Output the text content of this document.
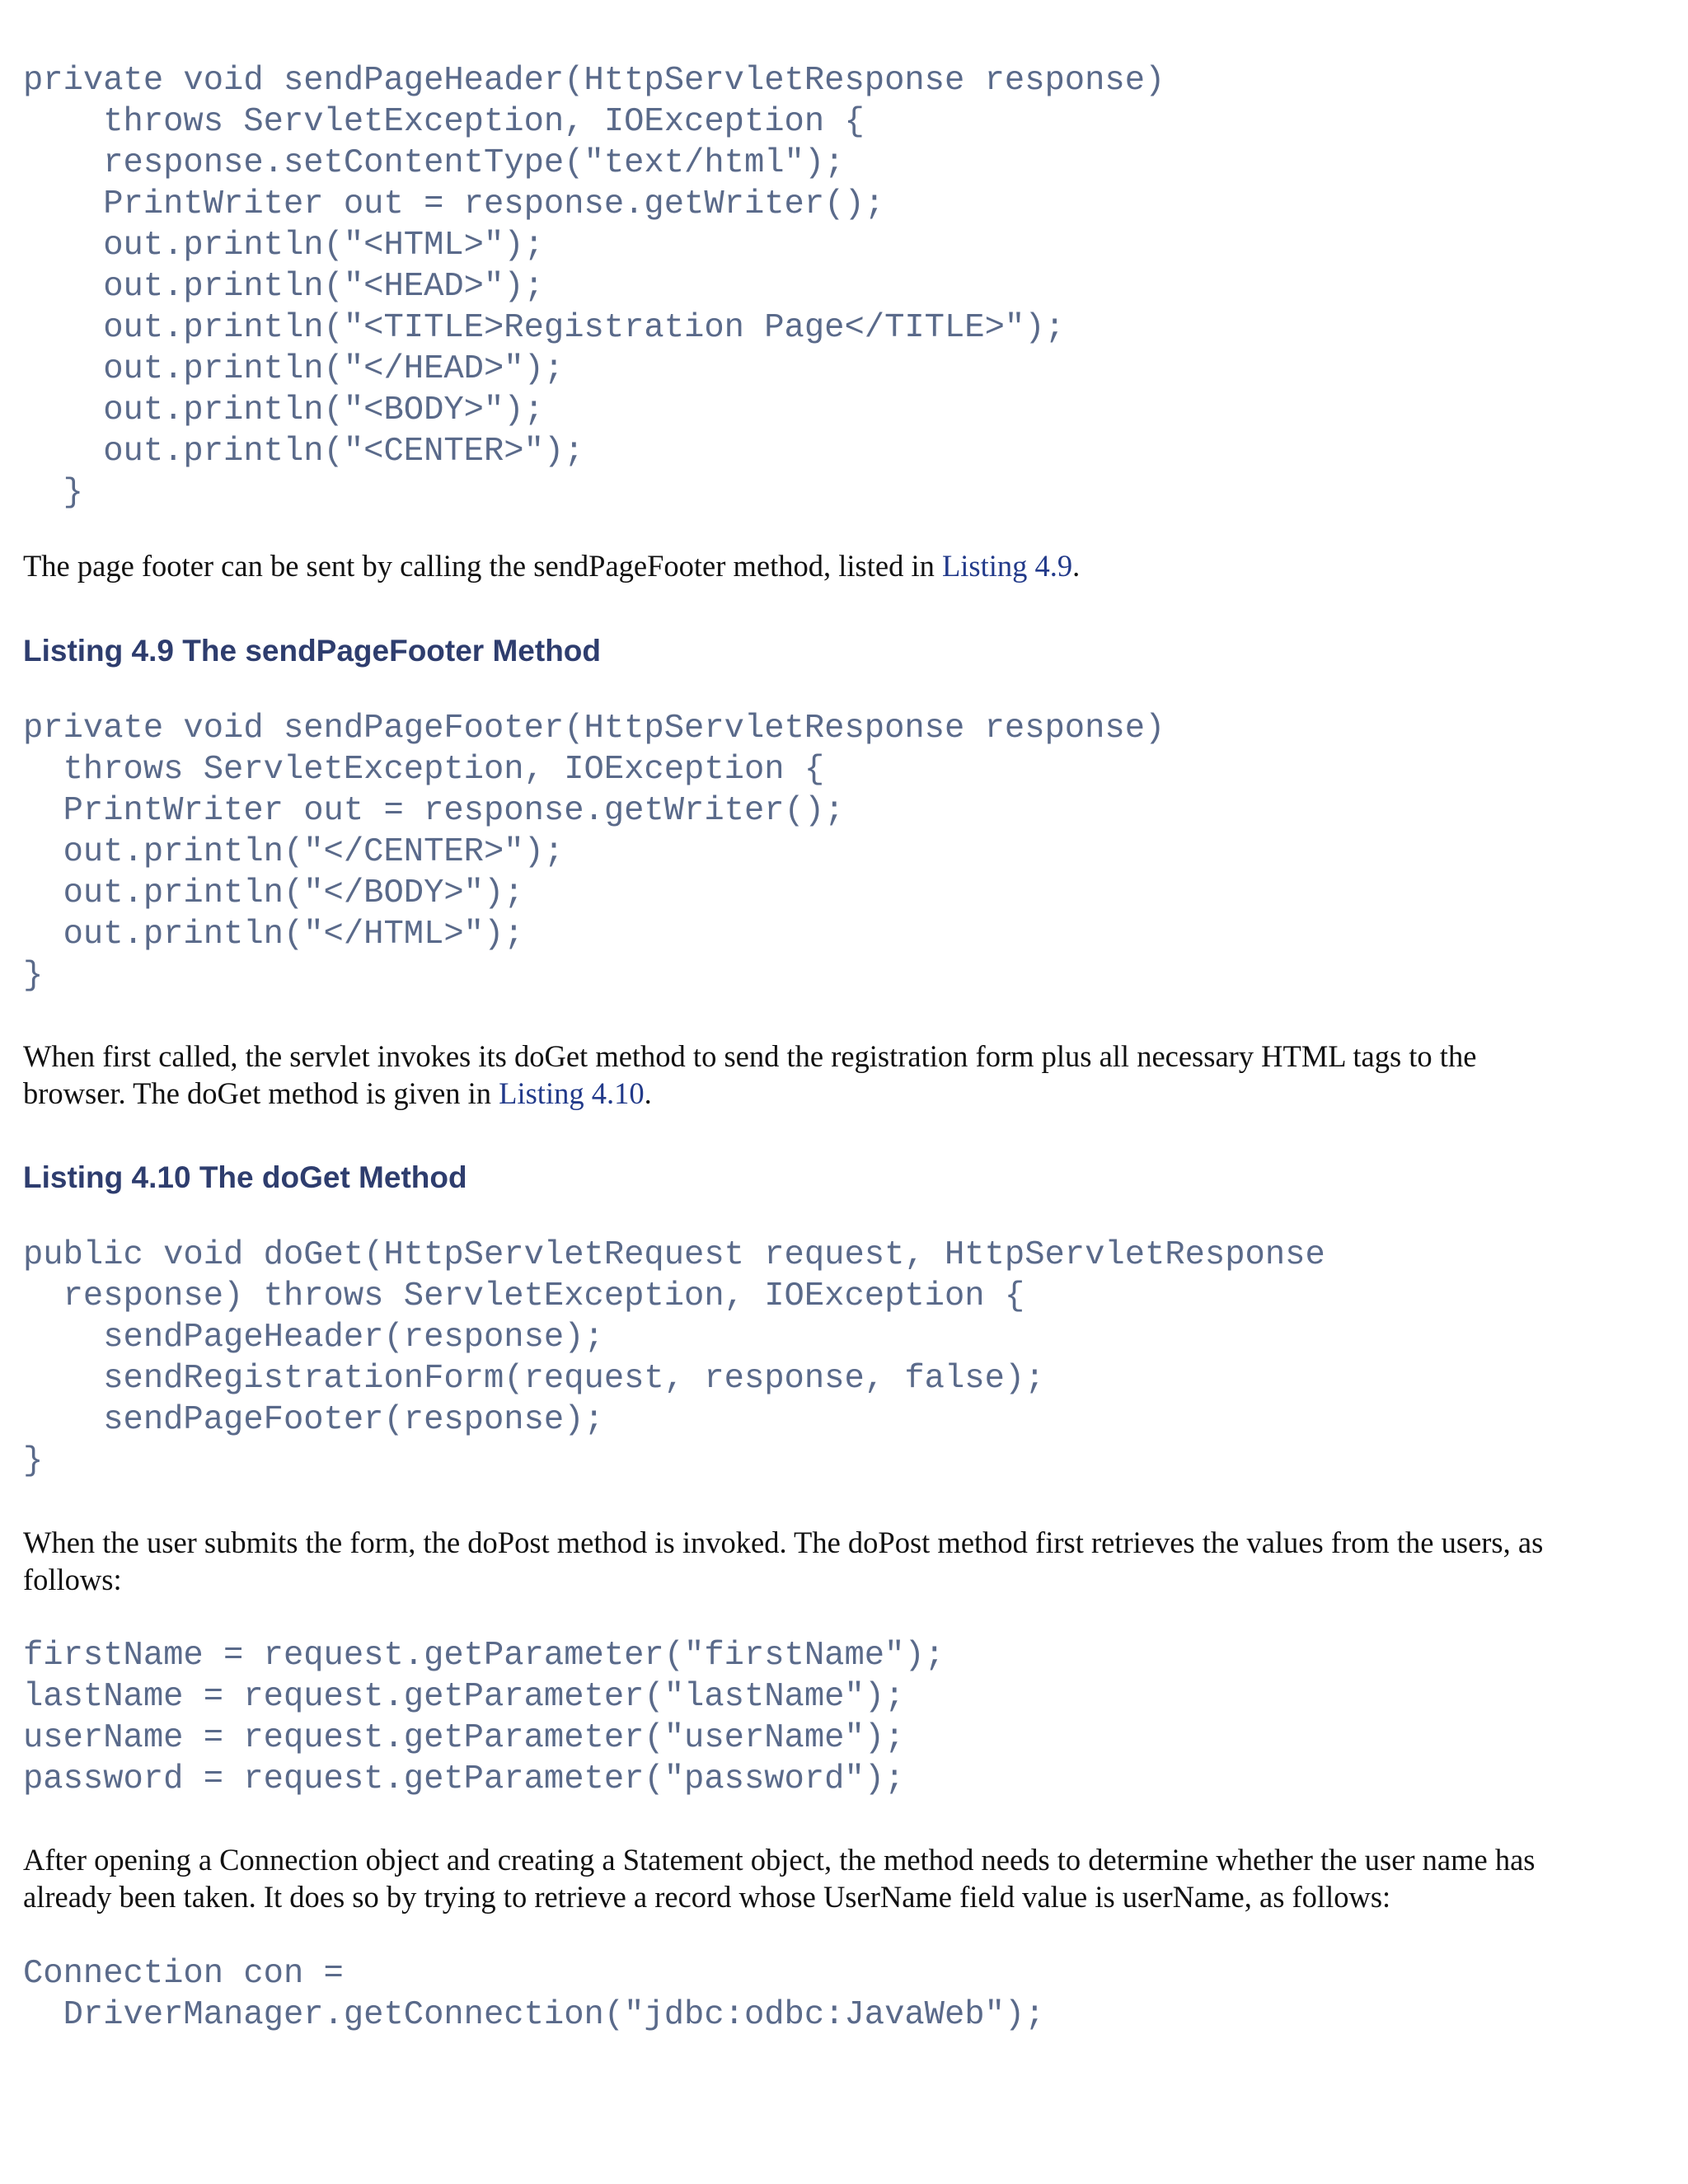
private void sendPageHeader(HttpServletResponse response)
throws ServletException, IOException {
response.setContentType("text/html");
PrintWriter out = response.getWriter();
out.println("<HTML>");
out.println("<HEAD>");
out.println("<TITLE>Registration Page</TITLE>");
out.println("</HEAD>");
out.println("<BODY>");
out.println("<CENTER>");
}

The page footer can be sent by calling the sendPageFooter method, listed in Listing 4.9.

Listing 4.9 The sendPageFooter Method
private void sendPageFooter(HttpServletResponse response)
throws ServletException, IOException {
PrintWriter out = response.getWriter();
out.println("</CENTER>");
out.println("</BODY>");
out.println("</HTML>");
}

When first called, the servlet invokes its doGet method to send the registration form plus all necessary HTML tags to the
browser. The doGet method is given in Listing 4.10.

Listing 4.10 The doGet Method
public void doGet(HttpServletRequest request, HttpServletResponse
response) throws ServletException, IOException {
sendPageHeader(response);
sendRegistrationForm(request, response, false);
sendPageFooter(response);
}

When the user submits the form, the doPost method is invoked. The doPost method first retrieves the values from the users, as
follows:

firstName = request.getParameter("firstName");
lastName = request.getParameter("lastName");
userName = request.getParameter("userName");
password = request.getParameter("password");

After opening a Connection object and creating a Statement object, the method needs to determine whether the user name has
already been taken. It does so by trying to retrieve a record whose UserName field value is userName, as follows:

Connection con =
DriverManager.getConnection("jdbc:odbc:JavaWeb");
